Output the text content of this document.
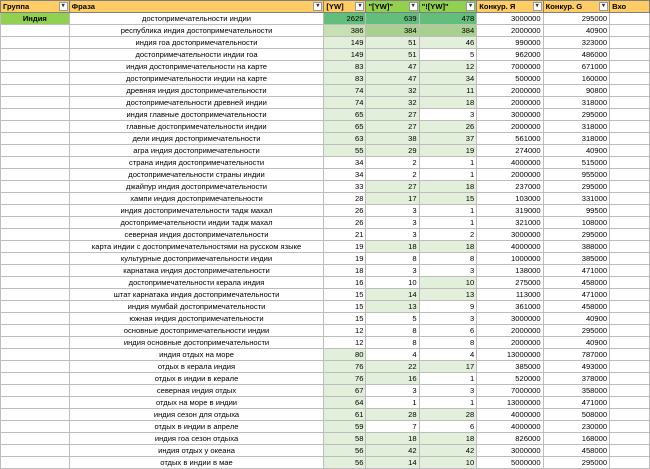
Группа ▾	Фраза ▾	[YW] ▾	"[YW]" ▾	"![YW]" ▾	Конкур. Я ▾	Конкур. G ▾	Вхо
Индия	достопримечательности индии	2629	639	478	3000000	295000	
	республика индия достопримечательности	386	384	384	2000000	40900	
	индия гоа достопримечательности	149	51	46	990000	323000	
	достопримечательности индии гоа	149	51	5	962000	486000	
	индия достопримечательности на карте	83	47	12	7000000	671000	
	достопримечательности индии на карте	83	47	34	500000	160000	
	древняя индия достопримечательности	74	32	11	2000000	90800	
	достопримечательности древней индии	74	32	18	2000000	318000	
	индия главные достопримечательности	65	27	3	3000000	295000	
	главные достопримечательности индии	65	27	26	2000000	318000	
	дели индия достопримечательности	63	38	37	561000	318000	
	агра индия достопримечательности	55	29	19	274000	40900	
	страна индия достопримечательности	34	2	1	4000000	515000	
	достопримечательности страны индии	34	2	1	2000000	955000	
	джайпур индия достопримечательности	33	27	18	237000	295000	
	хампи индия достопримечательности	28	17	15	103000	331000	
	индия достопримечательности тадж махал	26	3	1	319000	99500	
	достопримечательности индии тадж махал	26	3	1	321000	108000	
	северная индия достопримечательности	21	3	2	3000000	295000	
	карта индии с достопримечательностями на русском языке	19	18	18	4000000	388000	
	культурные достопримечательности индии	19	8	8	1000000	385000	
	карнатака индия достопримечательности	18	3	3	138000	471000	
	достопримечательности керала индия	16	10	10	275000	458000	
	штат карнатака индия достопримечательности	15	14	13	113000	471000	
	индия мумбай достопримечательности	15	13	9	361000	458000	
	южная индия достопримечательности	15	5	3	3000000	40900	
	основные достопримечательности индии	12	8	6	2000000	295000	
	индия основные достопримечательности	12	8	8	2000000	40900	
	индия отдых на море	80	4	4	13000000	787000	
	отдых в керала индия	76	22	17	385000	493000	
	отдых в индии в керале	76	16	1	520000	378000	
	северная индия отдых	67	3	3	7000000	358000	
	отдых на море в индии	64	1	1	13000000	471000	
	индия сезон для отдыха	61	28	28	4000000	508000	
	отдых в индии в апреле	59	7	6	4000000	230000	
	индия гоа сезон отдыха	58	18	18	826000	168000	
	индия отдых у океана	56	42	42	3000000	458000	
	отдых в индии в мае	56	14	10	5000000	295000	
